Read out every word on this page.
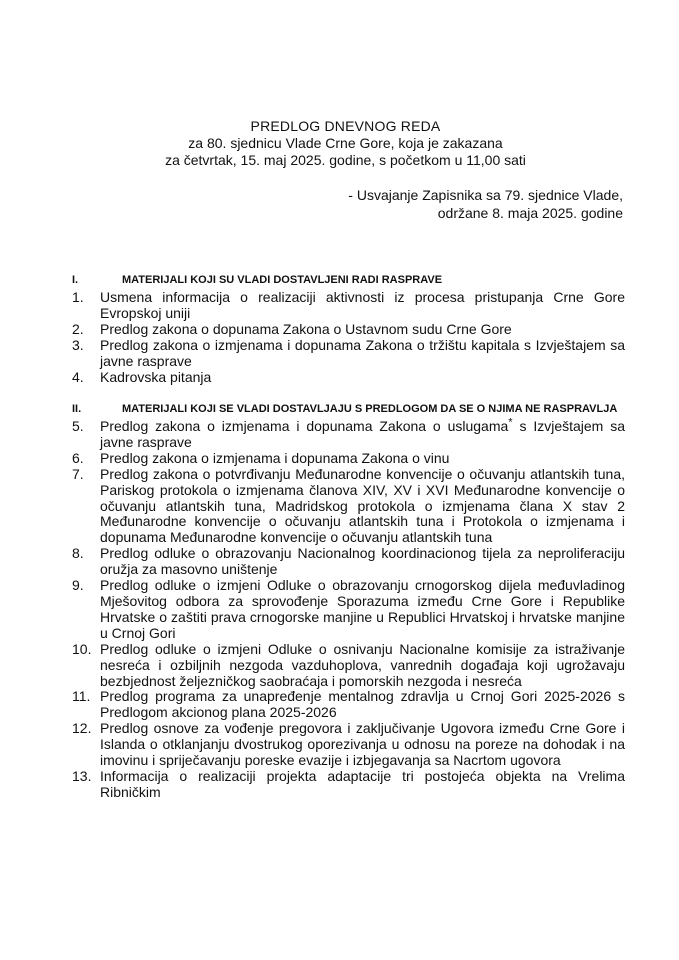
PREDLOG DNEVNOG REDA
za 80. sjednicu Vlade Crne Gore, koja je zakazana
za četvrtak, 15. maj 2025. godine, s početkom u 11,00 sati
- Usvajanje Zapisnika sa 79. sjednice Vlade,
održane 8. maja 2025. godine
I.	MATERIJALI KOJI SU VLADI DOSTAVLJENI RADI RASPRAVE
1.	Usmena informacija o realizaciji aktivnosti iz procesa pristupanja Crne Gore Evropskoj uniji
2.	Predlog zakona o dopunama Zakona o Ustavnom sudu Crne Gore
3.	Predlog zakona o izmjenama i dopunama Zakona o tržištu kapitala s Izvještajem sa javne rasprave
4.	Kadrovska pitanja
II.	MATERIJALI KOJI SE VLADI DOSTAVLJAJU S PREDLOGOM DA SE O NJIMA NE RASPRAVLJA
5.	Predlog zakona o izmjenama i dopunama Zakona o uslugama* s Izvještajem sa javne rasprave
6.	Predlog zakona o izmjenama i dopunama Zakona o vinu
7.	Predlog zakona o potvrđivanju Međunarodne konvencije o očuvanju atlantskih tuna, Pariskog protokola o izmjenama članova XIV, XV i XVI Međunarodne konvencije o očuvanju atlantskih tuna, Madridskog protokola o izmjenama člana X stav 2 Međunarodne konvencije o očuvanju atlantskih tuna i Protokola o izmjenama i dopunama Međunarodne konvencije o očuvanju atlantskih tuna
8.	Predlog odluke o obrazovanju Nacionalnog koordinacionog tijela za neproliferaciju oružja za masovno uništenje
9.	Predlog odluke o izmjeni Odluke o obrazovanju crnogorskog dijela međuvladinog Mješovitog odbora za sprovođenje Sporazuma između Crne Gore i Republike Hrvatske o zaštiti prava crnogorske manjine u Republici Hrvatskoj i hrvatske manjine u Crnoj Gori
10. Predlog odluke o izmjeni Odluke o osnivanju Nacionalne komisije za istraživanje nesreća i ozbiljnih nezgoda vazduhoplova, vanrednih događaja koji ugrožavaju bezbjednost željezničkog saobraćaja i pomorskih nezgoda i nesreća
11. Predlog programa za unapređenje mentalnog zdravlja u Crnoj Gori 2025-2026 s Predlogom akcionog plana 2025-2026
12. Predlog osnove za vođenje pregovora i zaključivanje Ugovora između Crne Gore i Islanda o otklanjanju dvostrukog oporezivanja u odnosu na poreze na dohodak i na imovinu i spriječavanju poreske evazije i izbjegavanja sa Nacrtom ugovora
13. Informacija o realizaciji projekta adaptacije tri postojeća objekta na Vrelima Ribničkim
